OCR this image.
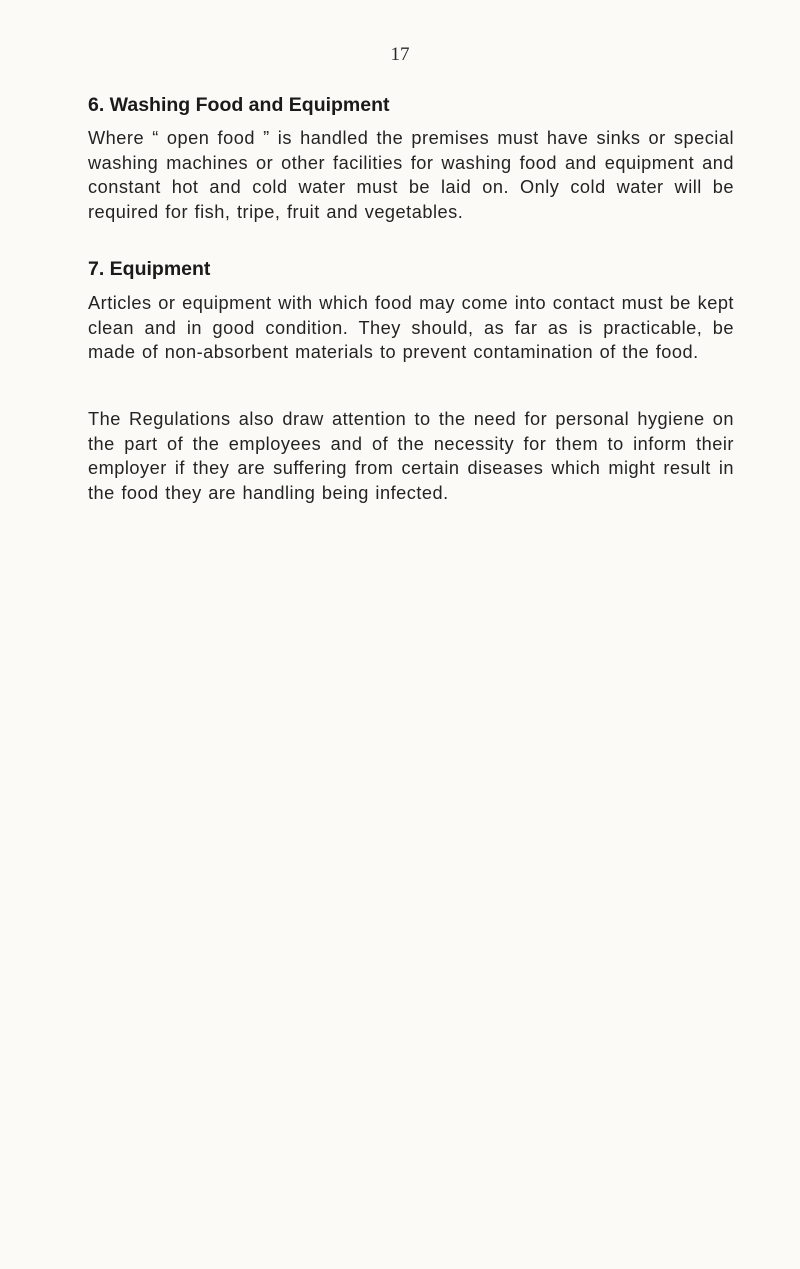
17
6. Washing Food and Equipment

Where “ open food ” is handled the premises must have sinks or special washing machines or other facilities for washing food and equipment and constant hot and cold water must be laid on. Only cold water will be required for fish, tripe, fruit and vegetables.

7. Equipment

Articles or equipment with which food may come into contact must be kept clean and in good condition. They should, as far as is practicable, be made of non-absorbent materials to prevent contamination of the food.

The Regulations also draw attention to the need for personal hygiene on the part of the employees and of the necessity for them to inform their employer if they are suffering from certain diseases which might result in the food they are handling being infected.
